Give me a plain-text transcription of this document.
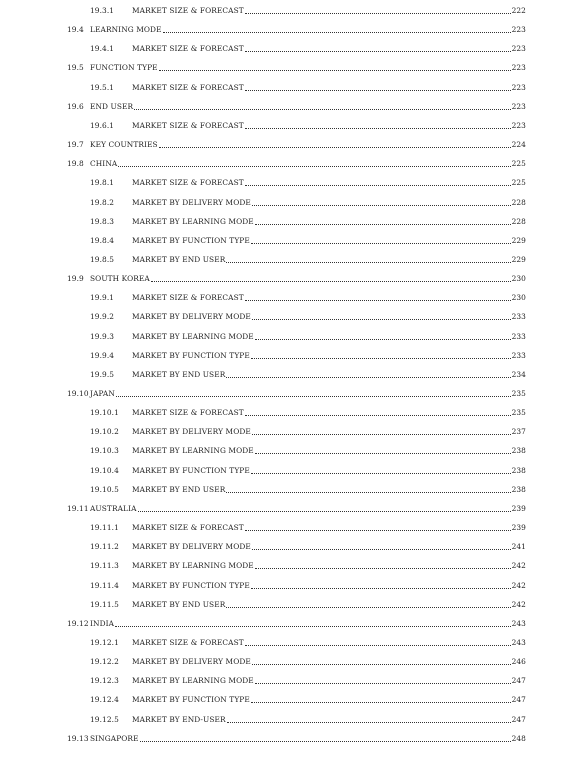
19.3.1	MARKET SIZE & FORECAST	222
19.4 LEARNING MODE	223
19.4.1	MARKET SIZE & FORECAST	223
19.5 FUNCTION TYPE	223
19.5.1	MARKET SIZE & FORECAST	223
19.6 END USER	223
19.6.1	MARKET SIZE & FORECAST	223
19.7 KEY COUNTRIES	224
19.8 CHINA	225
19.8.1	MARKET SIZE & FORECAST	225
19.8.2	MARKET BY DELIVERY MODE	228
19.8.3	MARKET BY LEARNING MODE	228
19.8.4	MARKET BY FUNCTION TYPE	229
19.8.5	MARKET BY END USER	229
19.9 SOUTH KOREA	230
19.9.1	MARKET SIZE & FORECAST	230
19.9.2	MARKET BY DELIVERY MODE	233
19.9.3	MARKET BY LEARNING MODE	233
19.9.4	MARKET BY FUNCTION TYPE	233
19.9.5	MARKET BY END USER	234
19.10 JAPAN	235
19.10.1	MARKET SIZE & FORECAST	235
19.10.2	MARKET BY DELIVERY MODE	237
19.10.3	MARKET BY LEARNING MODE	238
19.10.4	MARKET BY FUNCTION TYPE	238
19.10.5	MARKET BY END USER	238
19.11 AUSTRALIA	239
19.11.1	MARKET SIZE & FORECAST	239
19.11.2	MARKET BY DELIVERY MODE	241
19.11.3	MARKET BY LEARNING MODE	242
19.11.4	MARKET BY FUNCTION TYPE	242
19.11.5	MARKET BY END USER	242
19.12 INDIA	243
19.12.1	MARKET SIZE & FORECAST	243
19.12.2	MARKET BY DELIVERY MODE	246
19.12.3	MARKET BY LEARNING MODE	247
19.12.4	MARKET BY FUNCTION TYPE	247
19.12.5	MARKET BY END-USER	247
19.13 SINGAPORE	248
